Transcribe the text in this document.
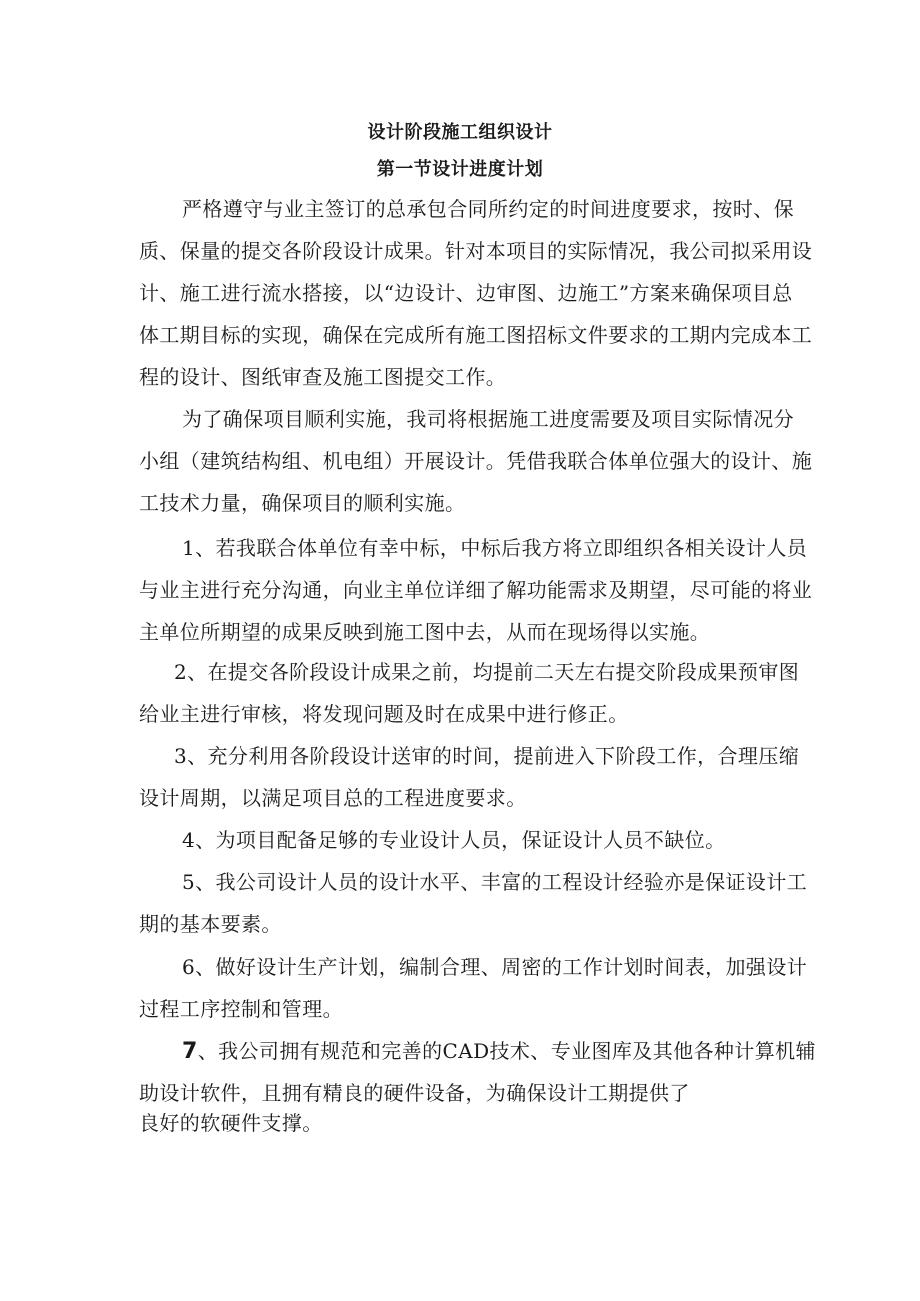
设计阶段施工组织设计
第一节设计进度计划
严格遵守与业主签订的总承包合同所约定的时间进度要求，按时、保
质、保量的提交各阶段设计成果。针对本项目的实际情况，我公司拟采用设
计、施工进行流水搭接，以“边设计、边审图、边施工”方案来确保项目总
体工期目标的实现，确保在完成所有施工图招标文件要求的工期内完成本工
程的设计、图纸审查及施工图提交工作。
为了确保项目顺利实施，我司将根据施工进度需要及项目实际情况分
小组（建筑结构组、机电组）开展设计。凭借我联合体单位强大的设计、施
工技术力量，确保项目的顺利实施。
1、若我联合体单位有幸中标，中标后我方将立即组织各相关设计人员
与业主进行充分沟通，向业主单位详细了解功能需求及期望，尽可能的将业
主单位所期望的成果反映到施工图中去，从而在现场得以实施。
2、在提交各阶段设计成果之前，均提前二天左右提交阶段成果预审图
给业主进行审核，将发现问题及时在成果中进行修正。
3、充分利用各阶段设计送审的时间，提前进入下阶段工作，合理压缩
设计周期，以满足项目总的工程进度要求。
4、为项目配备足够的专业设计人员，保证设计人员不缺位。
5、我公司设计人员的设计水平、丰富的工程设计经验亦是保证设计工
期的基本要素。
6、做好设计生产计划，编制合理、周密的工作计划时间表，加强设计
过程工序控制和管理。
7、我公司拥有规范和完善的CAD技术、专业图库及其他各种计算机辅
助设计软件，且拥有精良的硬件设备，为确保设计工期提供了
良好的软硬件支撑。
